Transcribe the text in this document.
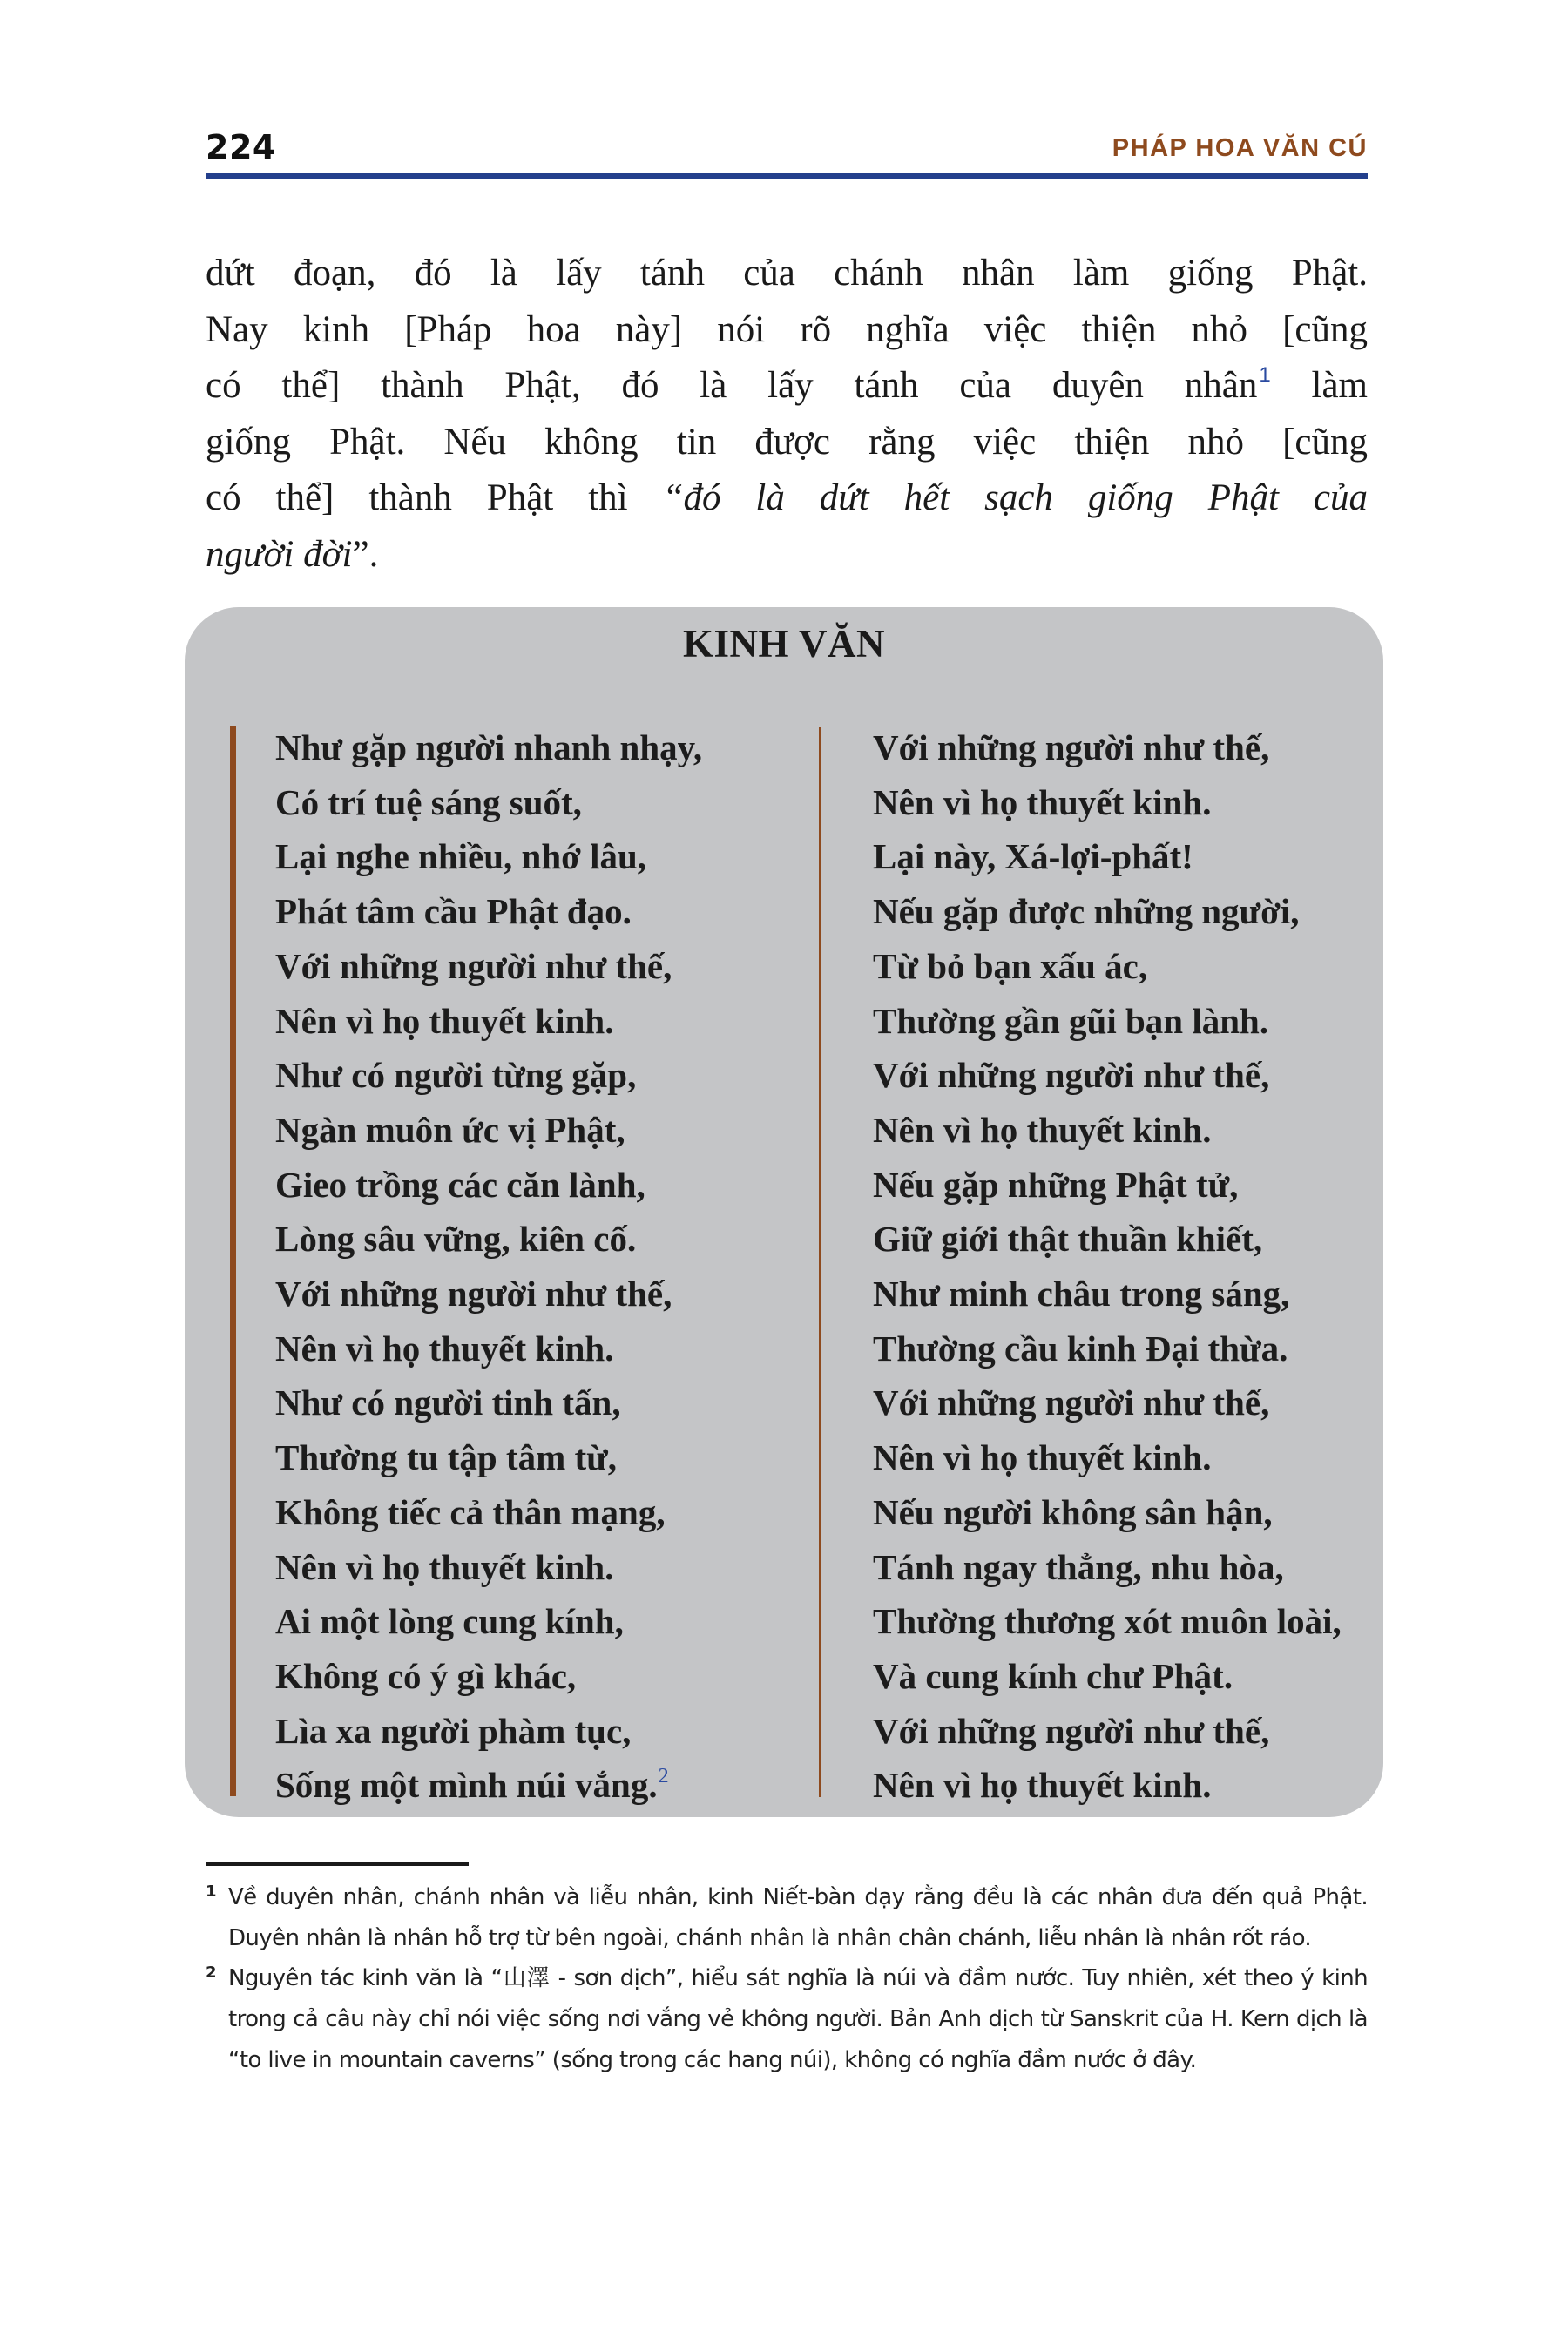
224	PHÁP HOA VĂN CÚ
dứt đoạn, đó là lấy tánh của chánh nhân làm giống Phật.
Nay kinh [Pháp hoa này] nói rõ nghĩa việc thiện nhỏ [cũng
có thể] thành Phật, đó là lấy tánh của duyên nhân$^1$ làm
giống Phật. Nếu không tin được rằng việc thiện nhỏ [cũng
có thể] thành Phật thì “đó là dứt hết sạch giống Phật của
người đời”.
KINH VĂN
Như gặp người nhanh nhạy,
Có trí tuệ sáng suốt,
Lại nghe nhiều, nhớ lâu,
Phát tâm cầu Phật đạo.
Với những người như thế,
Nên vì họ thuyết kinh.
Như có người từng gặp,
Ngàn muôn ức vị Phật,
Gieo trồng các căn lành,
Lòng sâu vững, kiên cố.
Với những người như thế,
Nên vì họ thuyết kinh.
Như có người tinh tấn,
Thường tu tập tâm từ,
Không tiếc cả thân mạng,
Nên vì họ thuyết kinh.
Ai một lòng cung kính,
Không có ý gì khác,
Lìa xa người phàm tục,
Sống một mình núi vắng.$^2$
Với những người như thế,
Nên vì họ thuyết kinh.
Lại này, Xá-lợi-phất!
Nếu gặp được những người,
Từ bỏ bạn xấu ác,
Thường gần gũi bạn lành.
Với những người như thế,
Nên vì họ thuyết kinh.
Nếu gặp những Phật tử,
Giữ giới thật thuần khiết,
Như minh châu trong sáng,
Thường cầu kinh Đại thừa.
Với những người như thế,
Nên vì họ thuyết kinh.
Nếu người không sân hận,
Tánh ngay thẳng, nhu hòa,
Thường thương xót muôn loài,
Và cung kính chư Phật.
Với những người như thế,
Nên vì họ thuyết kinh.
1 Về duyên nhân, chánh nhân và liễu nhân, kinh Niết-bàn dạy rằng đều là các nhân đưa đến quả Phật. Duyên nhân là nhân hỗ trợ từ bên ngoài, chánh nhân là nhân chân chánh, liễu nhân là nhân rốt ráo.
2 Nguyên tác kinh văn là “山澤 - sơn dịch”, hiểu sát nghĩa là núi và đầm nước. Tuy nhiên, xét theo ý kinh trong cả câu này chỉ nói việc sống nơi vắng vẻ không người. Bản Anh dịch từ Sanskrit của H. Kern dịch là “to live in mountain caverns” (sống trong các hang núi), không có nghĩa đầm nước ở đây.
